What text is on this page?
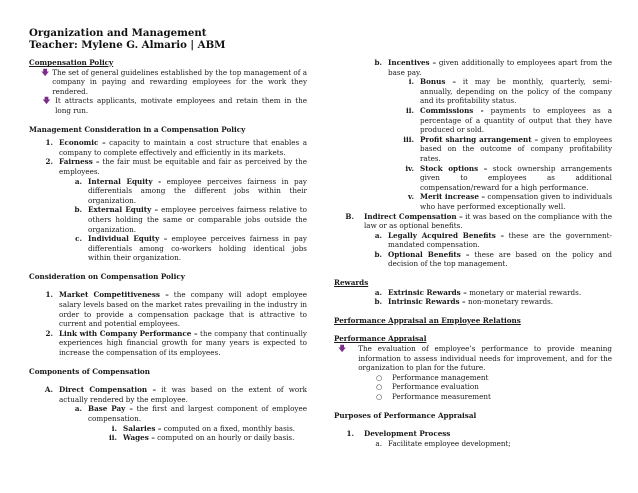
Organization and Management
Teacher: Mylene G. Almario | ABM
Compensation Policy
🡇 The set of general guidelines established by the top management of a company in paying and rewarding employees for the work they rendered.
🡇 It attracts applicants, motivate employees and retain them in the long run.
Management Consideration in a Compensation Policy
1. Economic – capacity to maintain a cost structure that enables a company to complete effectively and efficiently in its markets.
2. Fairness – the fair must be equitable and fair as perceived by the employees.
a. Internal Equity - employee perceives fairness in pay differentials among the different jobs within their organization.
b. External Equity – employee perceives fairness relative to others holding the same or comparable jobs outside the organization.
c. Individual Equity – employee perceives fairness in pay differentials among co-workers holding identical jobs within their organization.
Consideration on Compensation Policy
1. Market Competitiveness – the company will adopt employee salary levels based on the market rates prevailing in the industry in order to provide a compensation package that is attractive to current and potential employees.
2. Link with Company Performance – the company that continually experiences high financial growth for many years is expected to increase the compensation of its employees.
Components of Compensation
A. Direct Compensation – it was based on the extent of work actually rendered by the employee.
a. Base Pay – the first and largest component of employee compensation.
i. Salaries – computed on a fixed, monthly basis.
ii. Wages – computed on an hourly or daily basis.
b. Incentives – given additionally to employees apart from the base pay.
i. Bonus – it may be monthly, quarterly, semi-annually, depending on the policy of the company and its profitability status.
ii. Commissions - payments to employees as a percentage of a quantity of output that they have produced or sold.
iii. Profit sharing arrangement – given to employees based on the outcome of company profitability rates.
iv. Stock options – stock ownership arrangements given to employees as additional compensation/reward for a high performance.
v. Merit increase – compensation given to individuals who have performed exceptionally well.
B.	Indirect Compensation – it was based on the compliance with the law or as optional benefits.
a. Legally Acquired Benefits – these are the government-mandated compensation.
b. Optional Benefits – these are based on the policy and decision of the top management.
Rewards
a. Extrinsic Rewards – monetary or material rewards.
b. Intrinsic Rewards – non-monetary rewards.
Performance Appraisal an Employee Relations
Performance Appraisal
🡇	The evaluation of employee’s performance to provide meaning information to assess individual needs for improvement, and for the organization to plan for the future.
○	Performance management
○	Performance evaluation
○	Performance measurement
Purposes of Performance Appraisal
1.	Development Process
a. Facilitate employee development;
